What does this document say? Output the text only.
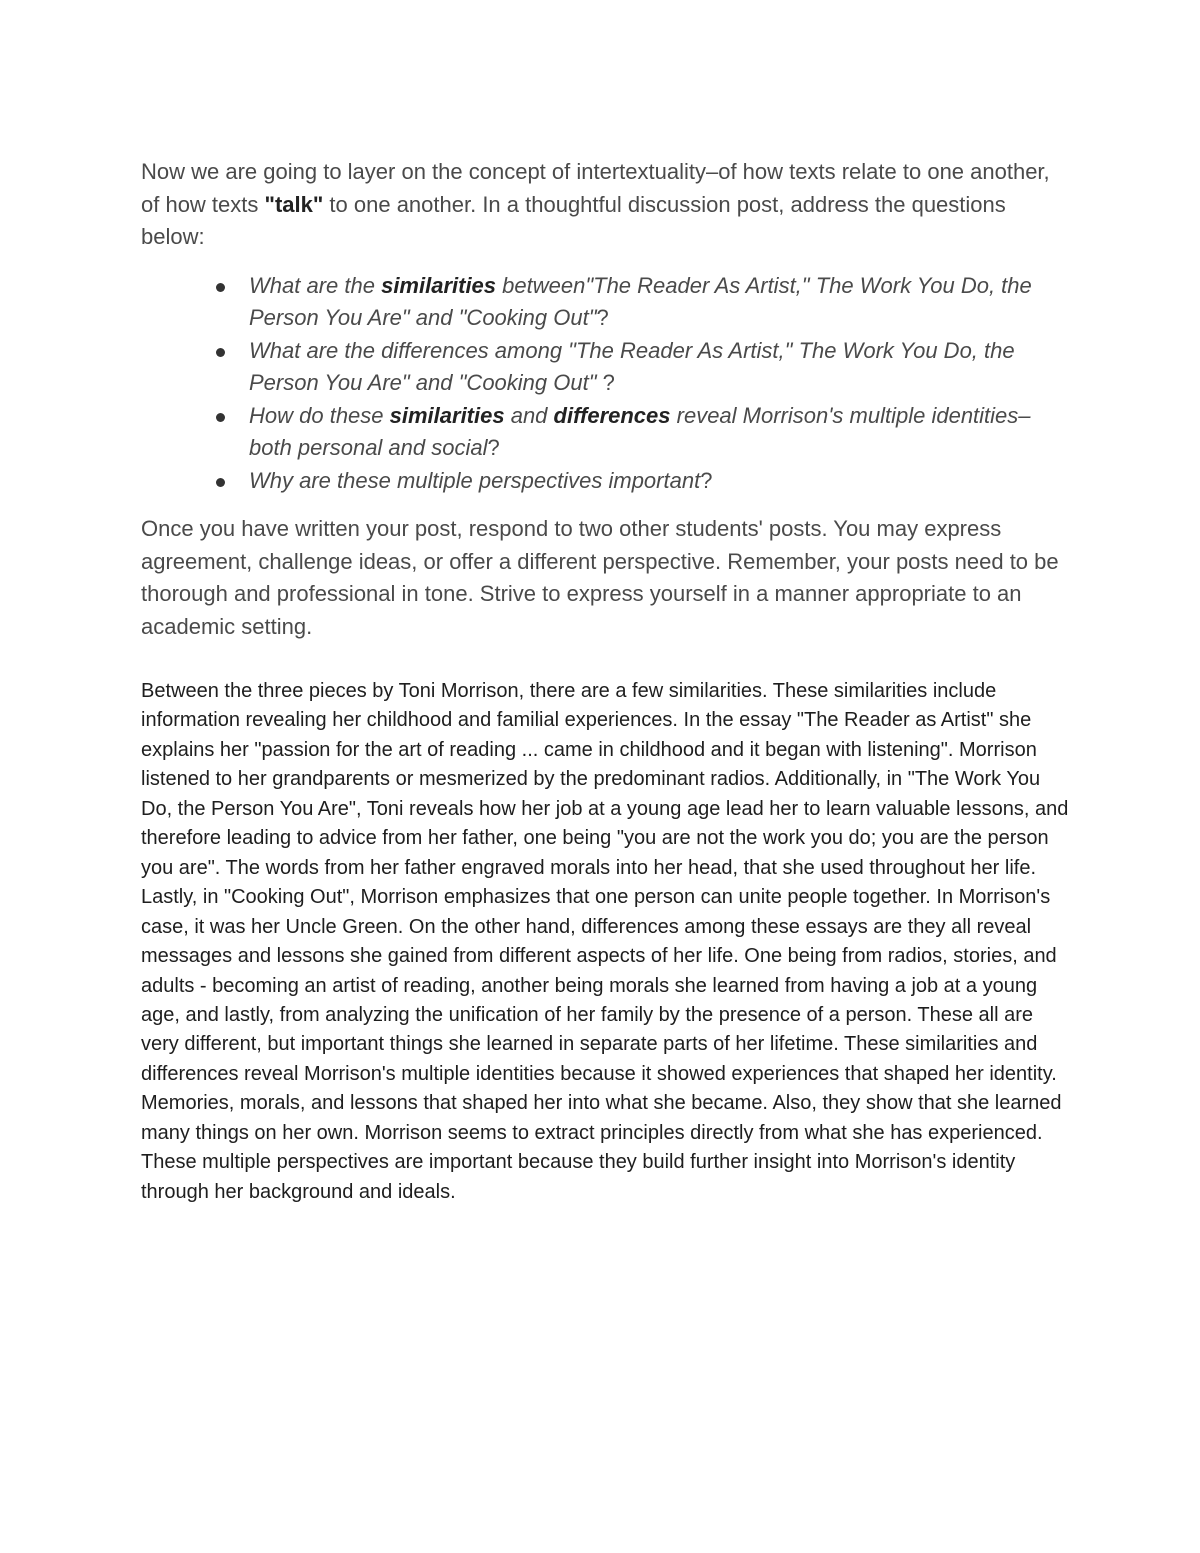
Now we are going to layer on the concept of intertextuality–of how texts relate to one another, of how texts "talk" to one another. In a thoughtful discussion post, address the questions below:

What are the similarities between"The Reader As Artist," The Work You Do, the Person You Are" and "Cooking Out"?
What are the differences among "The Reader As Artist," The Work You Do, the Person You Are" and "Cooking Out" ?
How do these similarities and differences reveal Morrison's multiple identities–both personal and social?
Why are these multiple perspectives important?

Once you have written your post, respond to two other students' posts. You may express agreement, challenge ideas, or offer a different perspective. Remember, your posts need to be thorough and professional in tone. Strive to express yourself in a manner appropriate to an academic setting.

Between the three pieces by Toni Morrison, there are a few similarities. These similarities include information revealing her childhood and familial experiences. In the essay "The Reader as Artist" she explains her "passion for the art of reading ... came in childhood and it began with listening". Morrison listened to her grandparents or mesmerized by the predominant radios. Additionally, in "The Work You Do, the Person You Are", Toni reveals how her job at a young age lead her to learn valuable lessons, and therefore leading to advice from her father, one being "you are not the work you do; you are the person you are". The words from her father engraved morals into her head, that she used throughout her life. Lastly, in "Cooking Out", Morrison emphasizes that one person can unite people together. In Morrison's case, it was her Uncle Green. On the other hand, differences among these essays are they all reveal messages and lessons she gained from different aspects of her life. One being from radios, stories, and adults - becoming an artist of reading, another being morals she learned from having a job at a young age, and lastly, from analyzing the unification of her family by the presence of a person. These all are very different, but important things she learned in separate parts of her lifetime. These similarities and differences reveal Morrison's multiple identities because it showed experiences that shaped her identity. Memories, morals, and lessons that shaped her into what she became. Also, they show that she learned many things on her own. Morrison seems to extract principles directly from what she has experienced. These multiple perspectives are important because they build further insight into Morrison's identity through her background and ideals.
